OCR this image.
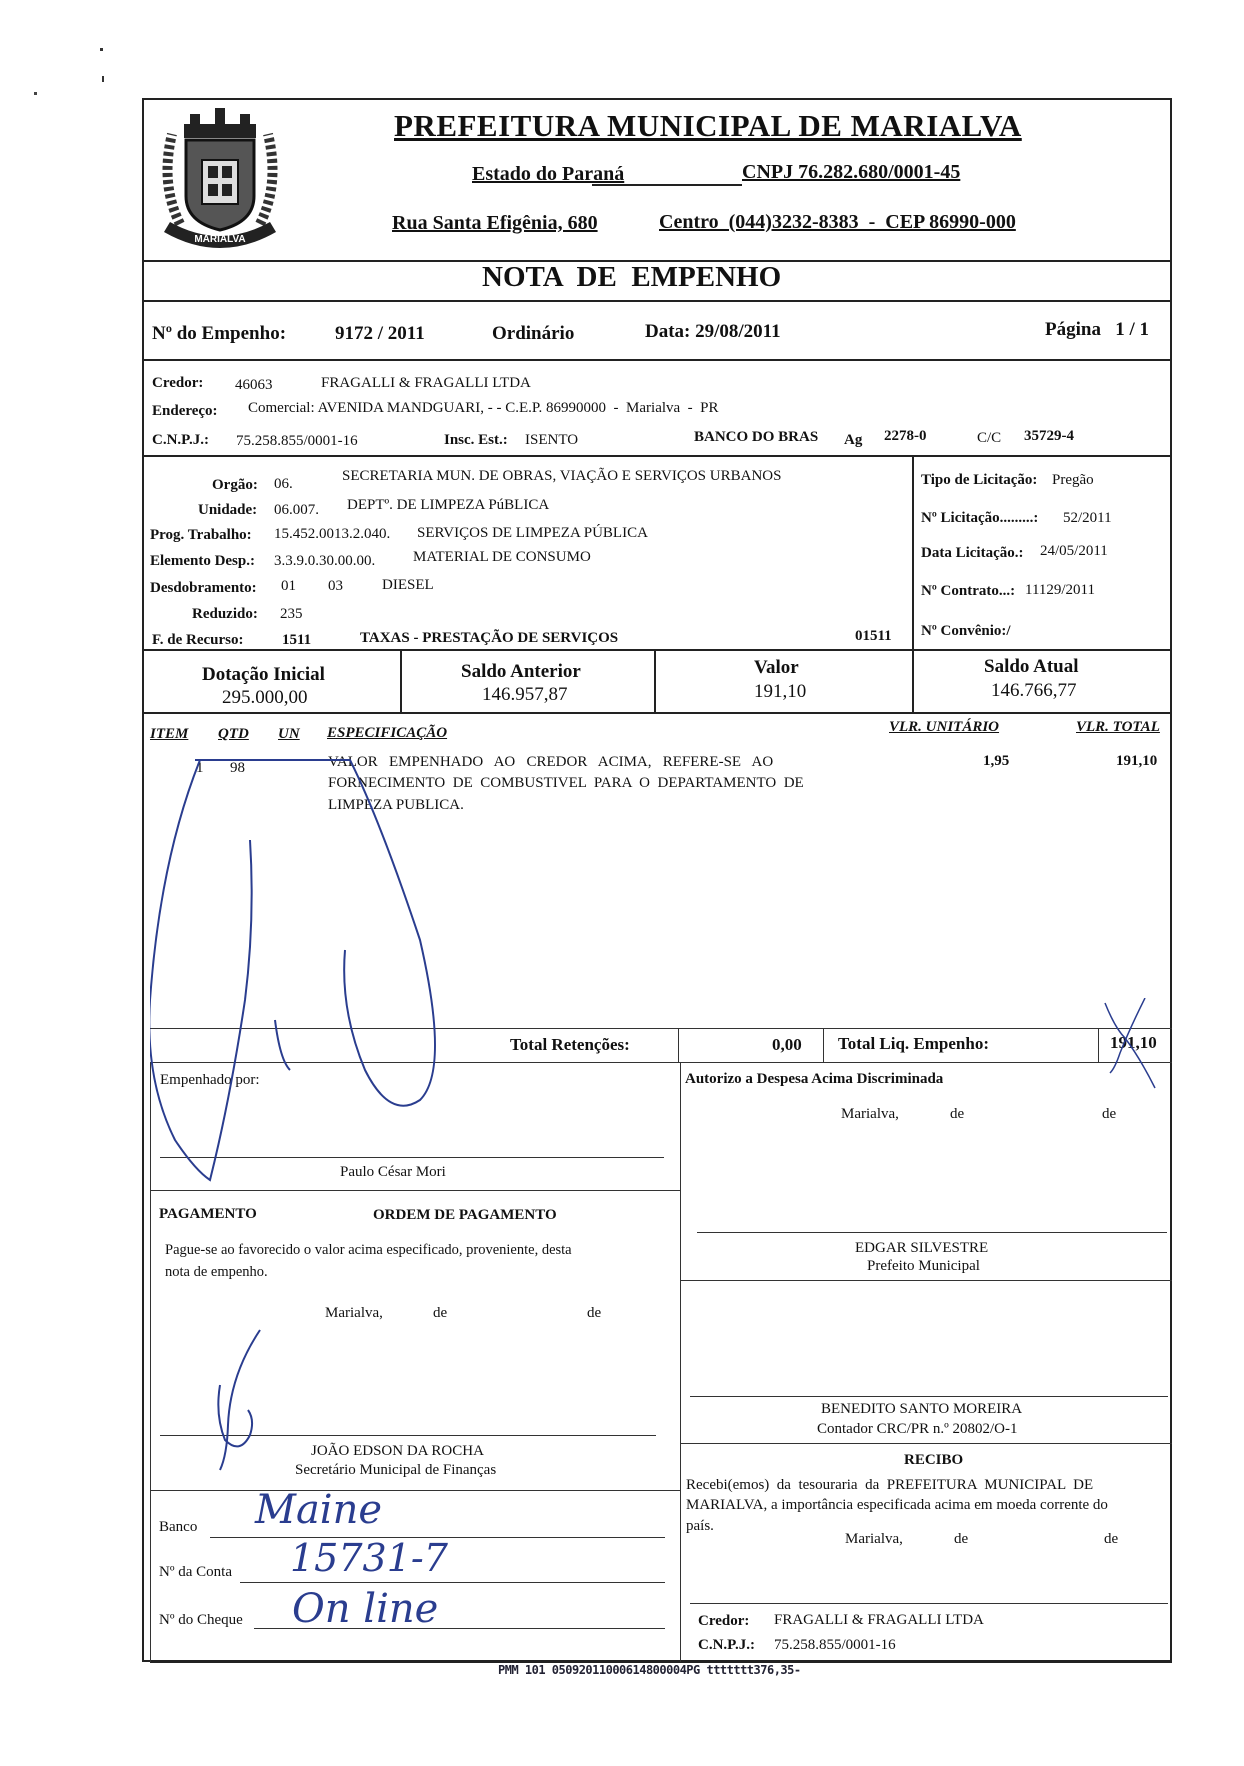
MARIALVA
PREFEITURA MUNICIPAL DE MARIALVA
Estado do Paraná	CNPJ 76.282.680/0001-45
Rua Santa Efigênia, 680	Centro  (044)3232-8383  -  CEP 86990-000
NOTA  DE  EMPENHO
Nº do Empenho:	9172 / 2011	Ordinário	Data: 29/08/2011	Página   1 / 1
Credor: 46063	FRAGALLI & FRAGALLI LTDA
Endereço: Comercial: AVENIDA MANDGUARI, - - C.E.P. 86990000  -  Marialva  -  PR
C.N.P.J.: 75.258.855/0001-16	Insc. Est.: ISENTO	BANCO DO BRAS Ag 2278-0	C/C 35729-4
Orgão: 06.	SECRETARIA MUN. DE OBRAS, VIAÇÃO E SERVIÇOS URBANOS
Unidade: 06.007. DEPTº. DE LIMPEZA PúBLICA
Prog. Trabalho: 15.452.0013.2.040. SERVIÇOS DE LIMPEZA PÚBLICA
Elemento Desp.: 3.3.9.0.30.00.00.	MATERIAL DE CONSUMO
Desdobramento: 01 03	DIESEL
Reduzido: 235
F. de Recurso:	1511	TAXAS - PRESTAÇÃO DE SERVIÇOS	01511
Tipo de Licitação: Pregão
Nº Licitação.........: 52/2011
Data Licitação.: 24/05/2011
Nº Contrato...: 11129/2011
Nº Convênio:/
Dotação Inicial
295.000,00
Saldo Anterior
146.957,87
Valor
191,10
Saldo Atual
146.766,77
ITEM QTD UN ESPECIFICAÇÃO	VLR. UNITÁRIO	VLR. TOTAL
1 98	VALOR   EMPENHADO   AO   CREDOR   ACIMA,   REFERE-SE   AO
FORNECIMENTO  DE  COMBUSTIVEL  PARA  O  DEPARTAMENTO  DE
LIMPEZA PUBLICA.
1,95	191,10
Total Retenções:	0,00 Total Liq. Empenho:	191,10
Empenhado por:
Paulo César Mori
Autorizo a Despesa Acima Discriminada
Marialva,	de	de
EDGAR SILVESTRE
Prefeito Municipal
PAGAMENTO	ORDEM DE PAGAMENTO
Pague-se ao favorecido o valor acima especificado, proveniente, desta
nota de empenho.
Marialva,	de	de
JOÃO EDSON DA ROCHA
Secretário Municipal de Finanças
BENEDITO SANTO MOREIRA
Contador CRC/PR n.º 20802/O-1
RECIBO
Recebi(emos)  da  tesouraria  da  PREFEITURA  MUNICIPAL  DE
MARIALVA, a importância especificada acima em moeda corrente do
país.
Marialva,	de	de
Credor: FRAGALLI & FRAGALLI LTDA
C.N.P.J.: 75.258.855/0001-16
Banco Maine
Nº da Conta 15731-7
Nº do Cheque On line
PMM 101 05092011000614800004PG ttttttt376,35-
